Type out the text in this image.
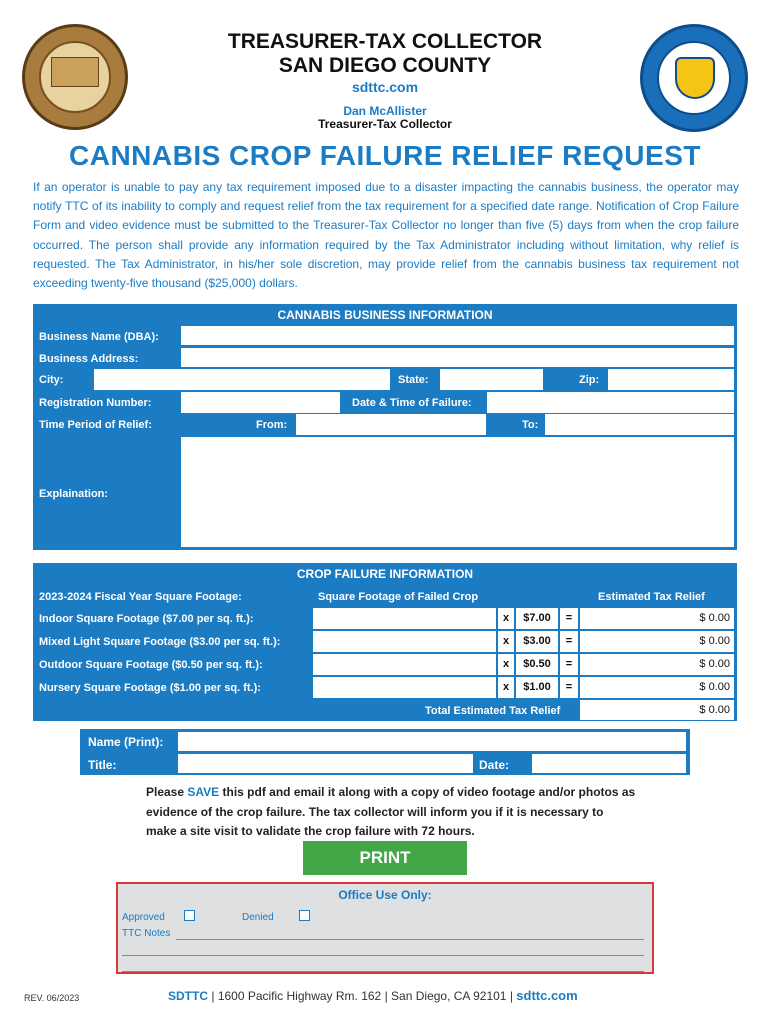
TREASURER-TAX COLLECTOR
SAN DIEGO COUNTY
sdttc.com
Dan McAllister
Treasurer-Tax Collector
CANNABIS CROP FAILURE RELIEF REQUEST
If an operator is unable to pay any tax requirement imposed due to a disaster impacting the cannabis business, the operator may notify TTC of its inability to comply and request relief from the tax requirement for a specified date range. Notification of Crop Failure Form and video evidence must be submitted to the Treasurer-Tax Collector no longer than five (5) days from when the crop failure occurred. The person shall provide any information required by the Tax Administrator including without limitation, why relief is requested. The Tax Administrator, in his/her sole discretion, may provide relief from the cannabis business tax requirement not exceeding twenty-five thousand ($25,000) dollars.
CANNABIS BUSINESS INFORMATION
Business Name (DBA):
Business Address:
City:	State:	Zip:
Registration Number:	Date & Time of Failure:
Time Period of Relief:	From:	To:
Explaination:
CROP FAILURE INFORMATION
2023-2024 Fiscal Year Square Footage:	Square Footage of Failed Crop	Estimated Tax Relief
Indoor Square Footage ($7.00 per sq. ft.):	x	$7.00	=	$ 0.00
Mixed Light Square Footage ($3.00 per sq. ft.):	x	$3.00	=	$ 0.00
Outdoor Square Footage ($0.50 per sq. ft.):	x	$0.50	=	$ 0.00
Nursery Square Footage ($1.00 per sq. ft.):	x	$1.00	=	$ 0.00
Total Estimated Tax Relief	$ 0.00
Name (Print):
Title:	Date:
Please SAVE this pdf and email it along with a copy of video footage and/or photos as evidence of the crop failure. The tax collector will inform you if it is necessary to make a site visit to validate the crop failure with 72 hours.
PRINT
Office Use Only:
Approved	Denied
TTC Notes
REV. 06/2023	SDTTC | 1600 Pacific Highway Rm. 162 | San Diego, CA 92101 | sdttc.com
